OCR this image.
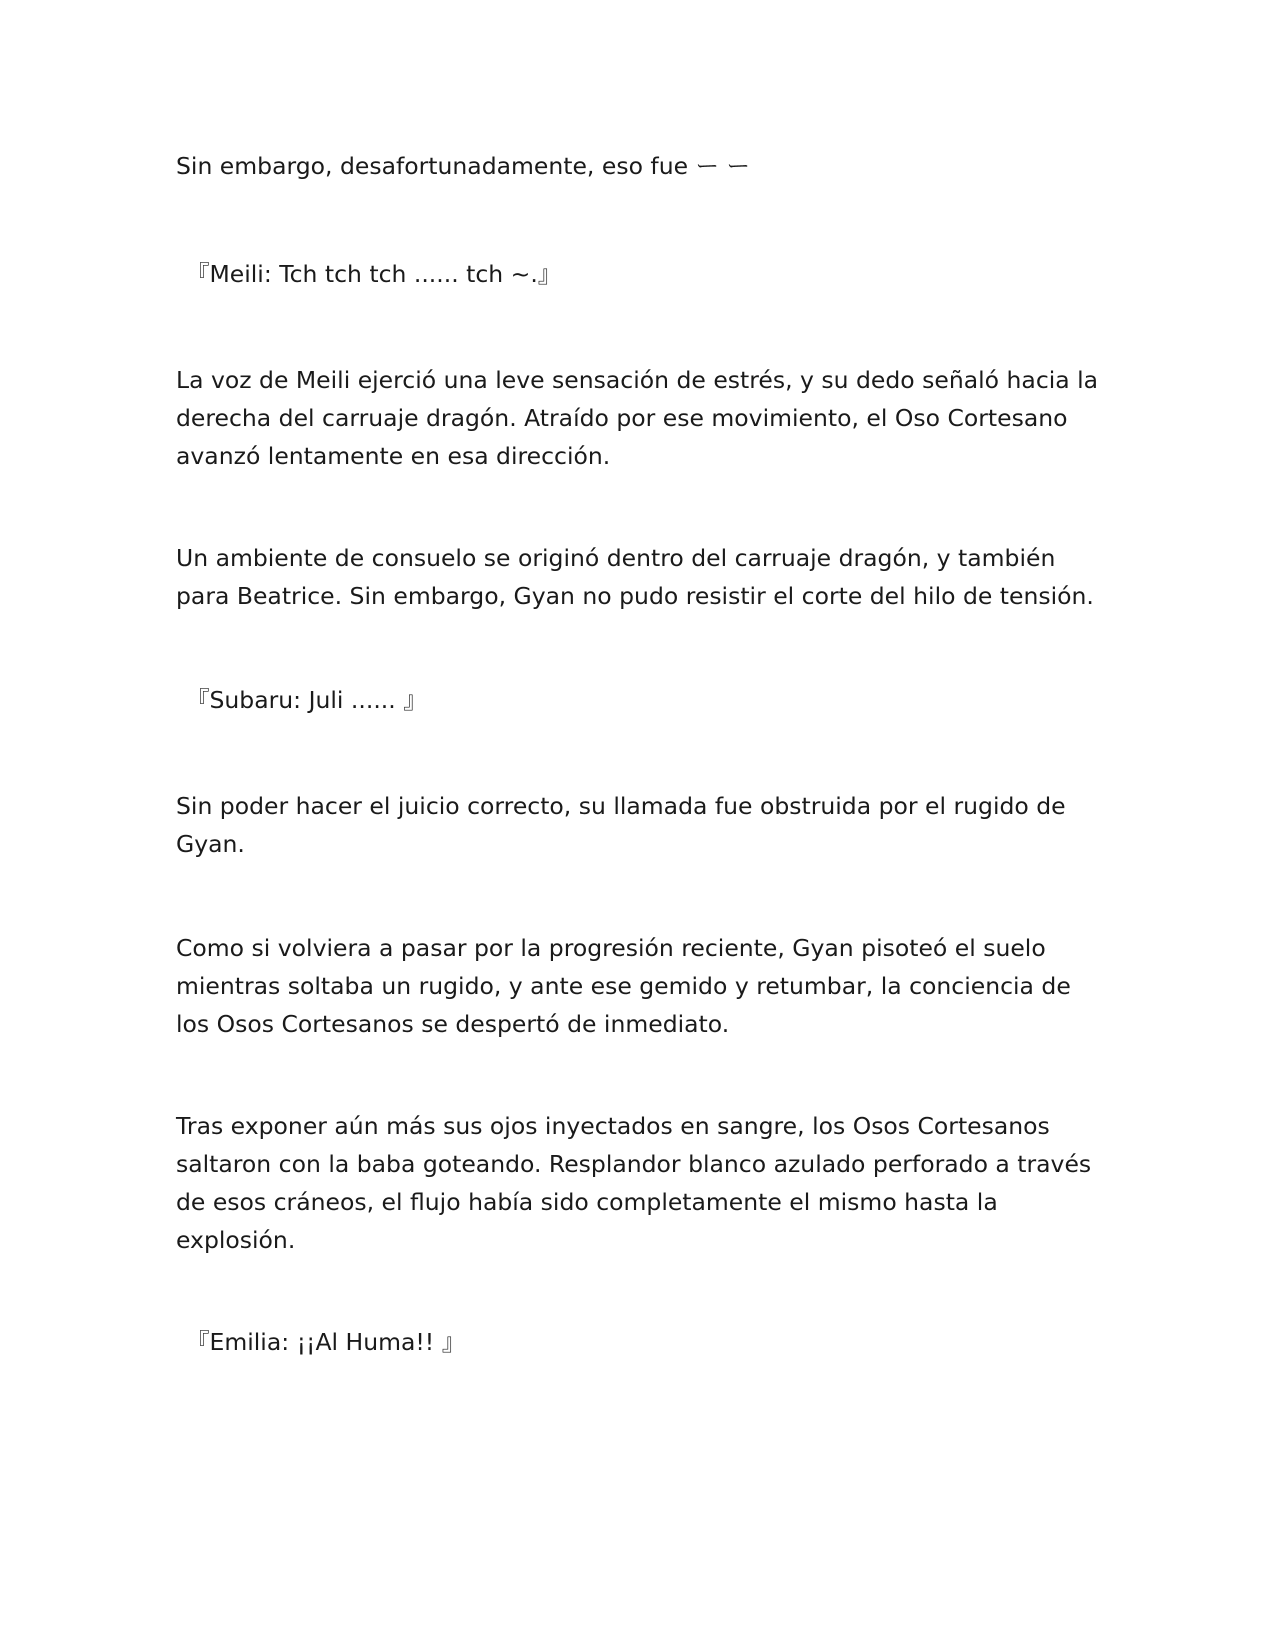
Sin embargo, desafortunadamente, eso fue ー ー

『Meili: Tch tch tch ...... tch ~.』

La voz de Meili ejerció una leve sensación de estrés, y su dedo señaló hacia la derecha del carruaje dragón. Atraído por ese movimiento, el Oso Cortesano avanzó lentamente en esa dirección.

Un ambiente de consuelo se originó dentro del carruaje dragón, y también para Beatrice. Sin embargo, Gyan no pudo resistir el corte del hilo de tensión.

『Subaru: Juli ...... 』

Sin poder hacer el juicio correcto, su llamada fue obstruida por el rugido de Gyan.

Como si volviera a pasar por la progresión reciente, Gyan pisoteó el suelo mientras soltaba un rugido, y ante ese gemido y retumbar, la conciencia de los Osos Cortesanos se despertó de inmediato.

Tras exponer aún más sus ojos inyectados en sangre, los Osos Cortesanos saltaron con la baba goteando. Resplandor blanco azulado perforado a través de esos cráneos, el flujo había sido completamente el mismo hasta la explosión.

『Emilia: ¡¡Al Huma!! 』
